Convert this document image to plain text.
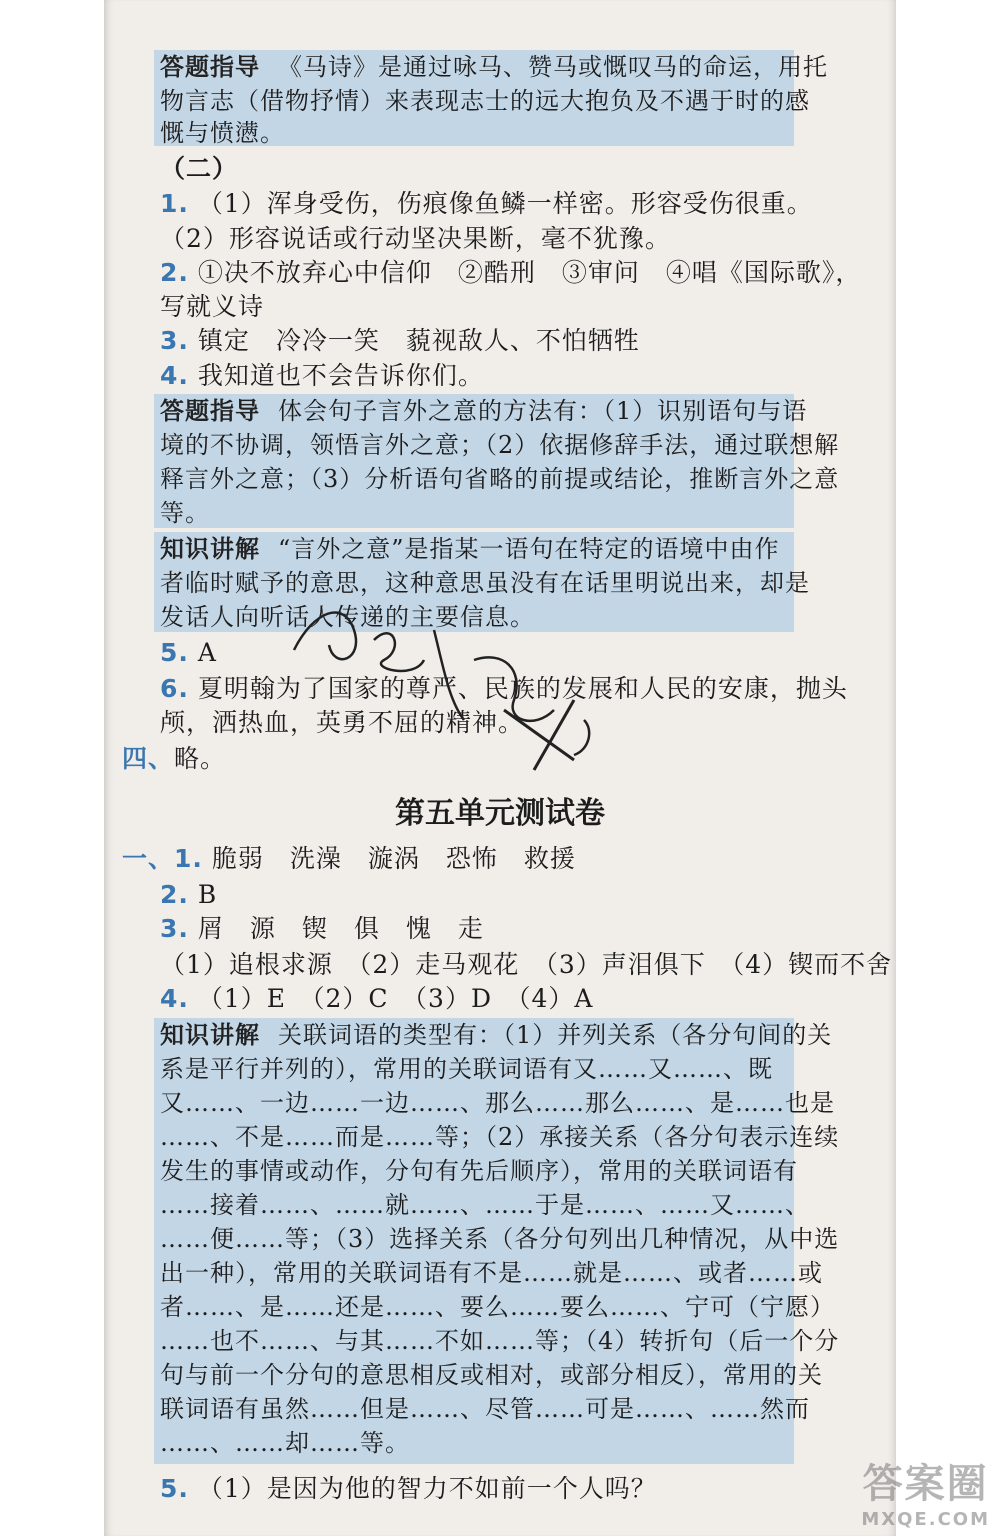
答题指导 《马诗》是通过咏马、赞马或慨叹马的命运，用托
物言志（借物抒情）来表现志士的远大抱负及不遇于时的感
慨与愤懑。
（二）
1. （1）浑身受伤，伤痕像鱼鳞一样密。形容受伤很重。
（2）形容说话或行动坚决果断，毫不犹豫。
2. ①决不放弃心中信仰　②酷刑　③审问　④唱《国际歌》，
写就义诗
3. 镇定　冷冷一笑　藐视敌人、不怕牺牲
4. 我知道也不会告诉你们。
答题指导 体会句子言外之意的方法有：（1）识别语句与语
境的不协调，领悟言外之意；（2）依据修辞手法，通过联想解
释言外之意；（3）分析语句省略的前提或结论，推断言外之意
等。
知识讲解 “言外之意”是指某一语句在特定的语境中由作
者临时赋予的意思，这种意思虽没有在话里明说出来，却是
发话人向听话人传递的主要信息。
5. A
6. 夏明翰为了国家的尊严、民族的发展和人民的安康，抛头
颅，洒热血，英勇不屈的精神。
四、略。
第五单元测试卷
一、1. 脆弱　洗澡　漩涡　恐怖　救援
2. B
3. 屑　源　锲　俱　愧　走
（1）追根求源　（2）走马观花　（3）声泪俱下　（4）锲而不舍
4. （1）E　（2）C　（3）D　（4）A
知识讲解 关联词语的类型有：（1）并列关系（各分句间的关
系是平行并列的），常用的关联词语有又……又……、既
又……、一边……一边……、那么……那么……、是……也是
……、不是……而是……等；（2）承接关系（各分句表示连续
发生的事情或动作，分句有先后顺序），常用的关联词语有
……接着……、……就……、……于是……、……又……、
……便……等；（3）选择关系（各分句列出几种情况，从中选
出一种），常用的关联词语有不是……就是……、或者……或
者……、是……还是……、要么……要么……、宁可（宁愿）
……也不……、与其……不如……等；（4）转折句（后一个分
句与前一个分句的意思相反或相对，或部分相反），常用的关
联词语有虽然……但是……、尽管……可是……、……然而
……、……却……等。
5. （1）是因为他的智力不如前一个人吗？	答案圈
MXQE.COM
